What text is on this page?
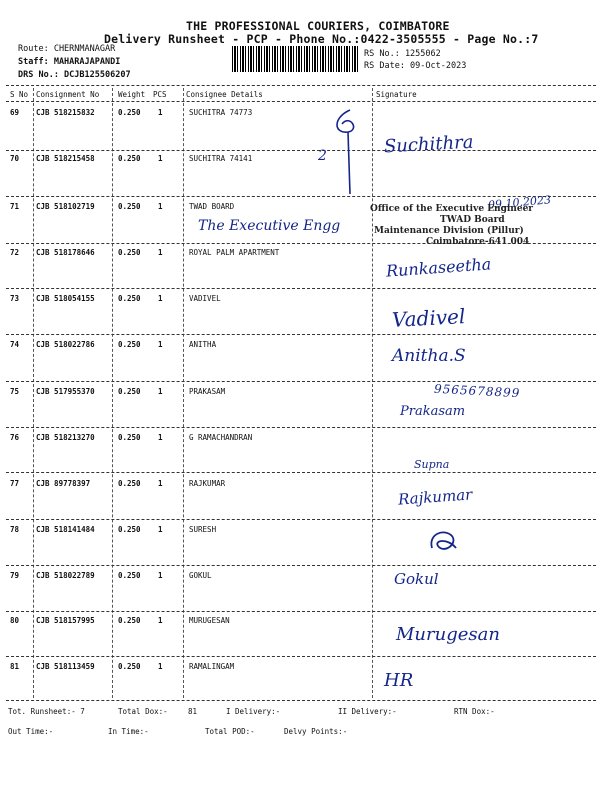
THE PROFESSIONAL COURIERS, COIMBATORE
Delivery Runsheet - PCP - Phone No.:0422-3505555 - Page No.:7
Route: CHERNMANAGAR
Staff: MAHARAJAPANDI
DRS No.: DCJB125506207
RS No.: 1255062
RS Date: 09-Oct-2023
S No Consignment No	Weight PCS	Consignee Details	Signature
69 CJB 518215832	0.250 1	SUCHITRA 74773
70 CJB 518215458	0.250 1	SUCHITRA 74141
71 CJB 518102719	0.250 1	TWAD BOARD
72 CJB 518178646	0.250 1	ROYAL PALM APARTMENT
73 CJB 518054155	0.250 1	VADIVEL
74 CJB 518022786	0.250 1	ANITHA
75 CJB 517955370	0.250 1	PRAKASAM
76 CJB 518213270	0.250 1	G RAMACHANDRAN
77 CJB 89778397	0.250 1	RAJKUMAR
78 CJB 518141484	0.250 1	SURESH
79 CJB 518022789	0.250 1	GOKUL
80 CJB 518157995	0.250 1	MURUGESAN
81 CJB 518113459	0.250 1	RAMALINGAM
Suchithra
2
09.10.2023
The Executive Engg
Office of the Executive Engineer
TWAD Board
Maintenance Division (Pillur)
Coimbatore-641 004
Runkaseetha
Vadivel
Anitha.S
9565678899
Prakasam
Supna
Rajkumar
Gokul
Murugesan
HR
Tot. Runsheet:- 7	Total Dox:-	81	I Delivery:-	II Delivery:-	RTN Dox:-
Out Time:-	In Time:-	Total POD:-	Delvy Points:-
